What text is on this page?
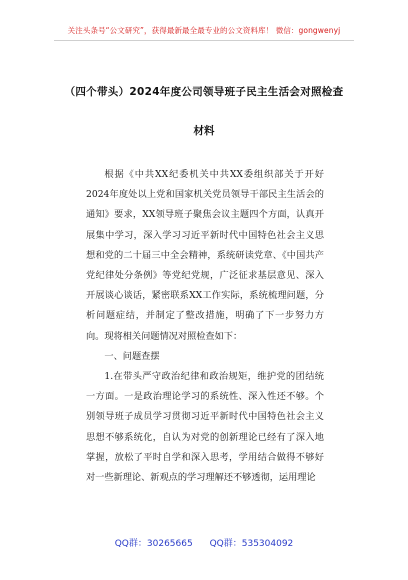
关注头条号“公文研究”，获得最新最全最专业的公文资料库！ 微信：gongwenyj
（四个带头）2024年度公司领导班子民主生活会对照检查
材料

根据《中共XX纪委机关中共XX委组织部关于开好2024年度处以上党和国家机关党员领导干部民主生活会的通知》要求，XX领导班子聚焦会议主题四个方面，认真开展集中学习，深入学习习近平新时代中国特色社会主义思想和党的二十届三中全会精神，系统研读党章、《中国共产党纪律处分条例》等党纪党规，广泛征求基层意见、深入开展谈心谈话，紧密联系XX工作实际，系统梳理问题，分析问题症结，并制定了整改措施，明确了下一步努力方向。现将相关问题情况对照检查如下：

一、问题查摆

1.在带头严守政治纪律和政治规矩，维护党的团结统一方面。一是政治理论学习的系统性、深入性还不够。个别领导班子成员学习贯彻习近平新时代中国特色社会主义思想不够系统化，自认为对党的创新理论已经有了深入地掌握，放松了平时自学和深入思考，学用结合做得不够好对一些新理论、新观点的学习理解还不够透彻，运用理论

QQ群：30265665 QQ群：535304092
